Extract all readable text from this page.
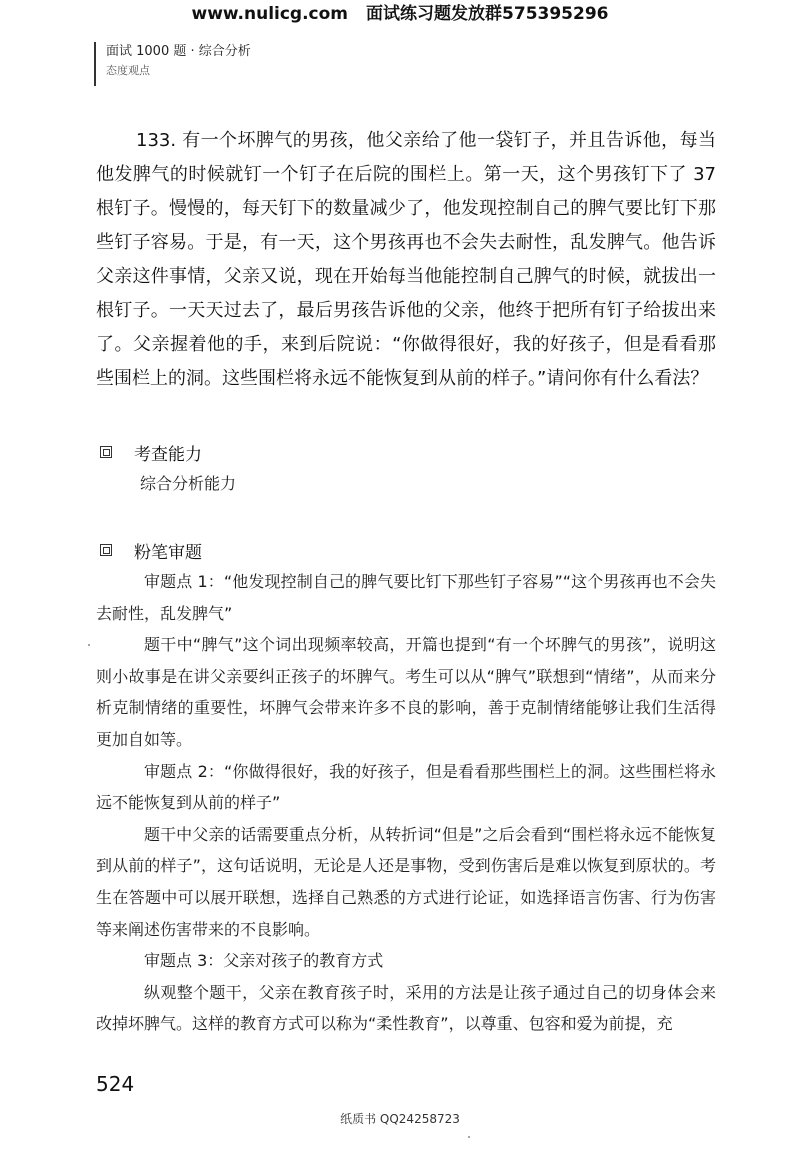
www.nulicg.com 面试练习题发放群575395296
面试 1000 题 · 综合分析
态度观点

133. 有一个坏脾气的男孩，他父亲给了他一袋钉子，并且告诉他，每当他发脾气的时候就钉一个钉子在后院的围栏上。第一天，这个男孩钉下了 37 根钉子。慢慢的，每天钉下的数量减少了，他发现控制自己的脾气要比钉下那些钉子容易。于是，有一天，这个男孩再也不会失去耐性，乱发脾气。他告诉父亲这件事情，父亲又说，现在开始每当他能控制自己脾气的时候，就拔出一根钉子。一天天过去了，最后男孩告诉他的父亲，他终于把所有钉子给拔出来了。父亲握着他的手，来到后院说：“你做得很好，我的好孩子，但是看看那些围栏上的洞。这些围栏将永远不能恢复到从前的样子。”请问你有什么看法？

考查能力
综合分析能力
粉笔审题

审题点 1：“他发现控制自己的脾气要比钉下那些钉子容易”“这个男孩再也不会失去耐性，乱发脾气”

题干中“脾气”这个词出现频率较高，开篇也提到“有一个坏脾气的男孩”，说明这则小故事是在讲父亲要纠正孩子的坏脾气。考生可以从“脾气”联想到“情绪”，从而来分析克制情绪的重要性，坏脾气会带来许多不良的影响，善于克制情绪能够让我们生活得更加自如等。

审题点 2：“你做得很好，我的好孩子，但是看看那些围栏上的洞。这些围栏将永远不能恢复到从前的样子”

题干中父亲的话需要重点分析，从转折词“但是”之后会看到“围栏将永远不能恢复到从前的样子”，这句话说明，无论是人还是事物，受到伤害后是难以恢复到原状的。考生在答题中可以展开联想，选择自己熟悉的方式进行论证，如选择语言伤害、行为伤害等来阐述伤害带来的不良影响。

审题点 3：父亲对孩子的教育方式

纵观整个题干，父亲在教育孩子时，采用的方法是让孩子通过自己的切身体会来改掉坏脾气。这样的教育方式可以称为“柔性教育”，以尊重、包容和爱为前提，充

524
纸质书 QQ24258723
